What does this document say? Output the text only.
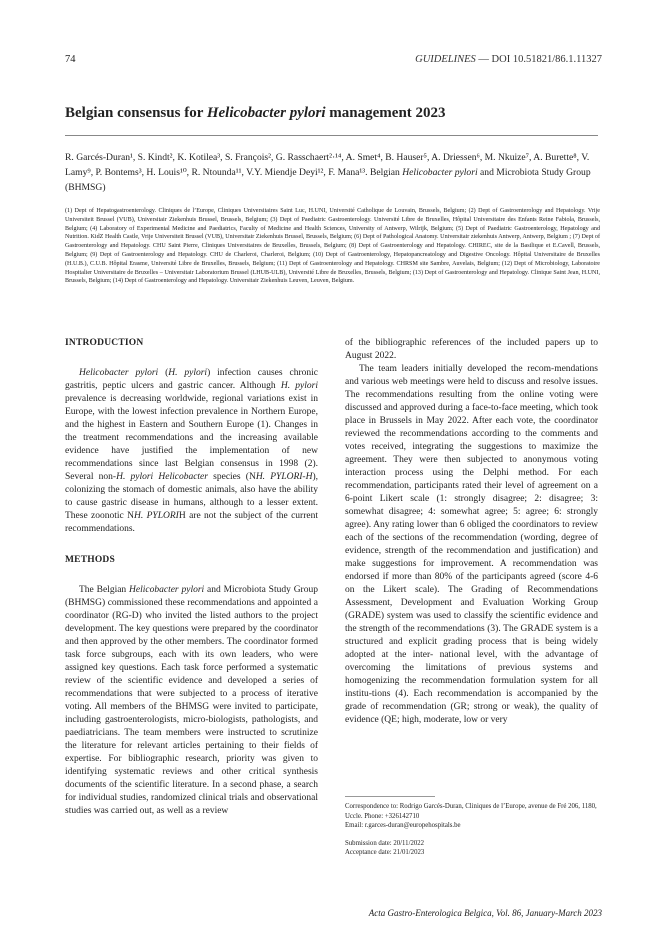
74	GUIDELINES — DOI 10.51821/86.1.11327
Belgian consensus for Helicobacter pylori management 2023
R. Garcés-Duran¹, S. Kindt², K. Kotilea³, S. François², G. Rasschaert²·¹⁴, A. Smet⁴, B. Hauser⁵, A. Driessen⁶, M. Nkuize⁷, A. Burette⁸, V. Lamy⁹, P. Bontems³, H. Louis¹⁰, R. Ntounda¹¹, V.Y. Miendje Deyi¹², F. Mana¹³. Belgian Helicobacter pylori and Microbiota Study Group (BHMSG)
(1) Dept of Hepatogastroenterology. Cliniques de l’Europe, Cliniques Universitaires Saint Luc, H.UNI, Université Catholique de Louvain, Brussels, Belgium; (2) Dept of Gastroenterology and Hepatology. Vrije Universiteit Brussel (VUB), Universitair Ziekenhuis Brussel, Brussels, Belgium; (3) Dept of Paediatric Gastroenterology. Université Libre de Bruxelles, Hôpital Universitaire des Enfants Reine Fabiola, Brussels, Belgium; (4) Laboratory of Experimental Medicine and Paediatrics, Faculty of Medicine and Health Sciences, University of Antwerp, Wilrijk, Belgium; (5) Dept of Paediatric Gastroenterology, Hepatology and Nutrition. KidZ Health Castle, Vrije Universiteit Brussel (VUB), Universitair Ziekenhuis Brussel, Brussels, Belgium; (6) Dept of Pathological Anatomy. Universitair ziekenhuis Antwerp, Antwerp, Belgium ; (7) Dept of Gastroenterology and Hepatology. CHU Saint Pierre, Cliniques Universitaires de Bruxelles, Brussels, Belgium; (8) Dept of Gastroenterology and Hepatology. CHIREC, site de la Basilique et E.Cavell, Brussels, Belgium; (9) Dept of Gastroenterology and Hepatology. CHU de Charleroi, Charleroi, Belgium; (10) Dept of Gastroenterology, Hepatopancreatology and Digestive Oncology. Hôpital Universitaire de Bruxelles (H.U.B.), C.U.B. Hôpital Erasme, Université Libre de Bruxelles, Brussels, Belgium; (11) Dept of Gastroenterology and Hepatology. CHRSM site Sambre, Auvelais, Belgium; (12) Dept of Microbiology, Laboratoire Hospitalier Universitaire de Bruxelles – Universitair Laboratorium Brussel (LHUB-ULB), Université Libre de Bruxelles, Brussels, Belgium; (13) Dept of Gastroenterology and Hepatology. Clinique Saint Jean, H.UNI, Brussels, Belgium; (14) Dept of Gastroenterology and Hepatology. Universitair Ziekenhuis Leuven, Leuven, Belgium.
INTRODUCTION

Helicobacter pylori (H. pylori) infection causes chronic gastritis, peptic ulcers and gastric cancer. Although H. pylori prevalence is decreasing worldwide, regional variations exist in Europe, with the lowest infection prevalence in Northern Europe, and the highest in Eastern and Southern Europe (1). Changes in the treatment recommendations and the increasing available evidence have justified the implementation of new recommendations since last Belgian consensus in 1998 (2). Several non-H. pylori Helicobacter species (NH. PYLORI-H), colonizing the stomach of domestic animals, also have the ability to cause gastric disease in humans, although to a lesser extent. These zoonotic NH. PYLORIH are not the subject of the current recommendations.

METHODS

The Belgian Helicobacter pylori and Microbiota Study Group (BHMSG) commissioned these recommendations and appointed a coordinator (RG-D) who invited the listed authors to the project development. The key questions were prepared by the coordinator and then approved by the other members. The coordinator formed task force subgroups, each with its own leaders, who were assigned key questions. Each task force performed a systematic review of the scientific evidence and developed a series of recommendations that were subjected to a process of iterative voting. All members of the BHMSG were invited to participate, including gastroenterologists, micro-biologists, pathologists, and paediatricians. The team members were instructed to scrutinize the literature for relevant articles pertaining to their fields of expertise. For bibliographic research, priority was given to identifying systematic reviews and other critical synthesis documents of the scientific literature. In a second phase, a search for individual studies, randomized clinical trials and observational studies was carried out, as well as a review

of the bibliographic references of the included papers up to August 2022.

The team leaders initially developed the recom-mendations and various web meetings were held to discuss and resolve issues. The recommendations resulting from the online voting were discussed and approved during a face-to-face meeting, which took place in Brussels in May 2022. After each vote, the coordinator reviewed the recommendations according to the comments and votes received, integrating the suggestions to maximize the agreement. They were then subjected to anonymous voting interaction process using the Delphi method. For each recommendation, participants rated their level of agreement on a 6-point Likert scale (1: strongly disagree; 2: disagree; 3: somewhat disagree; 4: somewhat agree; 5: agree; 6: strongly agree). Any rating lower than 6 obliged the coordinators to review each of the sections of the recommendation (wording, degree of evidence, strength of the recommendation and justification) and make suggestions for improvement. A recommendation was endorsed if more than 80% of the participants agreed (score 4-6 on the Likert scale). The Grading of Recommendations Assessment, Development and Evaluation Working Group (GRADE) system was used to classify the scientific evidence and the strength of the recommendations (3). The GRADE system is a structured and explicit grading process that is being widely adopted at the inter- national level, with the advantage of overcoming the limitations of previous systems and homogenizing the recommendation formulation system for all institu-tions (4). Each recommendation is accompanied by the grade of recommendation (GR; strong or weak), the quality of evidence (QE; high, moderate, low or very

Correspondence to: Rodrigo Garcés-Duran, Cliniques de l’Europe, avenue de Fré 206, 1180, Uccle. Phone: +326142710
Email: r.garces-duran@europehospitals.be
Submission date: 20/11/2022
Acceptance date: 21/01/2023
Acta Gastro-Enterologica Belgica, Vol. 86, January-March 2023
